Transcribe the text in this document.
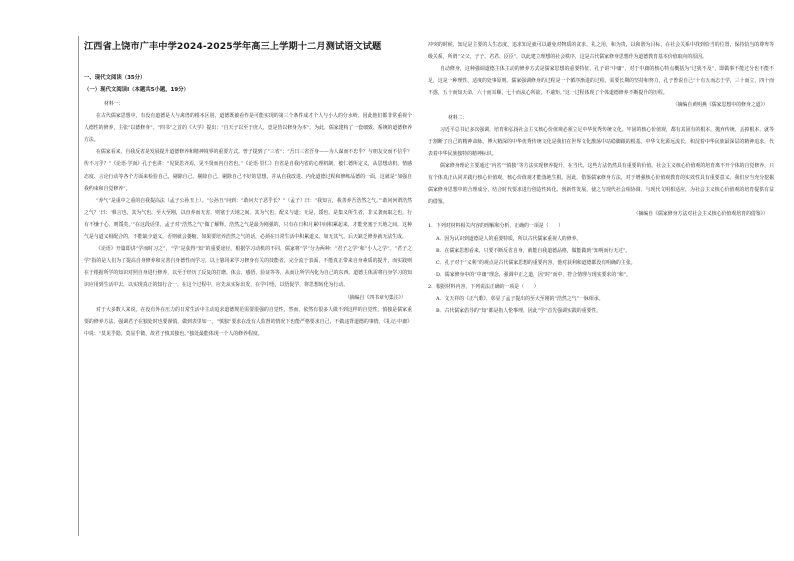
江西省上饶市广丰中学2024-2025学年高三上学期十二月测试语文试题
一、现代文阅读（35分）
（一）现代文阅读Ⅰ（本题共5小题，19分）
材料一：

在古代儒家思想中，有没有道德是人与禽兽的根本区别，道德既被看作是可能实现的第三个条件成才个人与小人的分水岭，因此他们都非常重视个人德性的修养，主张“以德修身”。“四书”之首的《大学》提出：“自天子以至于庶人，壹是皆以修身为本”。为此，儒家建构了一套细致、系统的道德修养方法。

在儒家看来，自我反省是发展提升道德修养和精神境界的重要方式。曾子提到了“三省”：“吾日三省吾身——为人谋而不忠乎？与朋友交而不信乎？传不习乎？”《论语·学而》孔子也讲：“见贤思齐焉，见不贤而内自省也。”《论语·里仁》自省是自我内省的心理机制，被仁德所定义，从思想动机、情感态度、言论行动等各个方面来检验自己，剔除自己、剔除自己、剔除自己不好的思想，并从自我改进、内化道德过程和修练品德的一面，这就是“加强自我约束和自觉修养”。

“养气”是重中之重的自我提高法（孟子公孙丑上）。“公孙丑”问到：“敢问夫子恶乎长？”（孟子）曰：“我知言，我善养吾浩然之气。”‘敢问何谓浩然之气？’曰：‘难言也。其为气也，至大至刚，以直养而无害，则塞于天地之间。其为气也，配义与道；无是，馁也。是集义所生者，非义袭而取之也。行有不慊于心，则馁矣。’”在这段话里，孟子对“浩然之气”做了解释。浩然之气是最为刚强的，只有在日积月累中间积累起来，才能充塞于天地之间。这种气是与道义相配合的，不能缺少道义，否则就会萎缩。如果要培养浩然之气的话，必须在日常生活中积累道义、如无其气，后天缺乏修养就无法生成。

《论语》开篇即讲“学而时习之”，“学”是获得“知”的重要途径，根据学习动机的不同，儒家将“学”分为两种：“君子之学”和“小人之学”。“君子之学”指的是人们为了提高自身修养和完善自身德性而学习，以上篡用来学习修身有关的技能者，完全流于表面，不能真正带来自身素质的提升，而实践则在于根据所学的知识对照自身进行修养，以至于经历了反复的打磨、体会、感悟、验证等等，从而让所学内化为自己的东西。道德主体需将自身学习的知识应用到生活中去，以实现真正的知行合一。在这个过程中，应先从实际出发，在学中悟，以悟促学，将思想转化为行动。

（摘编自《四书章句集注》）

对于大多数人来说，在没有外在压力的日常生活中主动追求道德规范需要很强的自觉性，然而，依然有很多人做不到这样的自觉性。慎独是儒家重要的修养方法，强调君子在独处时也要谨慎，做到表里如一。“慎独”要求在没有人监督的情况下也能严格要求自己，不做违背道德的事情。《礼记·中庸》中说：“莫见乎隐，莫显乎微，故君子慎其独也。”独处最能体现一个人的修养程度。

冲突的时候，知足是主要的人生态度，追求知足就可以避免对物质的贪求。礼之用，和为贵，以和谐为目标，在社会关系中找到恰当的位置，保持恰当的尊卑等级关系，所谓“父父、子子、君君、臣臣”，以此建立理想的社会秩序，这是古代儒家修身思想作为道德教育基本价值取向的原因。

自动修身，这种强调道德主体主动的修养方式是儒家思想的重要特征。孔子讲“中庸”，对于中庸的核心特点概括为“过犹不及”，即做事不能过分也不能不足，这是一种理性、适度的处事原则。儒家强调修身的过程是一个循序渐进的过程，需要长期的坚持和努力，孔子曾说自己“十有五而志于学，三十而立，四十而不惑，五十而知天命，六十而耳顺，七十而从心所欲，不逾矩。”这一过程体现了个体道德修养不断提升的历程。

（摘编自黄明燕《儒家思想中的修身之道》）
材料二：

习近平总书记多次强调，培育和弘扬社会主义核心价值观必须立足中华优秀传统文化。牢固的核心价值观，都有其固有的根本。抛弃传统、丢掉根本，就等于割断了自己的精神命脉。博大精深的中华优秀传统文化是我们在世界文化激荡中站稳脚跟的根基。中华文化源远流长，积淀着中华民族最深层的精神追求，代表着中华民族独特的精神标识。

儒家修身理论主要通过“内省”“慎独”等方法实现修养提升，在当代，这些方法仍然具有重要的价值。社会主义核心价值观的培育离不开个体的自觉修养，只有个体真正认同并践行核心价值观，核心价值观才能落地生根。因此，借鉴儒家修身方法，对于增强核心价值观教育的实效性具有重要意义。我们应当充分挖掘儒家修身思想中的合理成分，结合时代要求进行创造性转化、创新性发展，使之与现代社会相协调，与现代文明相适应，为社会主义核心价值观的培育提供有益的借鉴。

（摘编自《儒家修身方法对社会主义核心价值观培育的借鉴》）
1．下列对材料相关内容的理解和分析，正确的一项是（　　）
A．因为认识到道德是人的重要特质，所以古代儒家重视人的修养。
B．在儒家思想看来，只要不断反省自身，就能自我道德品格，做能做到“知明而行无过”。
C．孔子对于“义利”的观点是古代儒家思想的重要内容，他对获利和道德都没有明确的主张。
D．儒家修身中的“中庸”理念，强调中正之道，因“时”而中，符合情理与现实要求的“和”。
2．根据材料内容，下列说法正确的一项是（　　）
A．文天祥的《正气歌》，彰显了孟子提出的至大至刚的“浩然之气”一脉相承。
B．古代儒家倡导的“知”都是指人伦事理，因此“学”首先强调实践的重要性。
